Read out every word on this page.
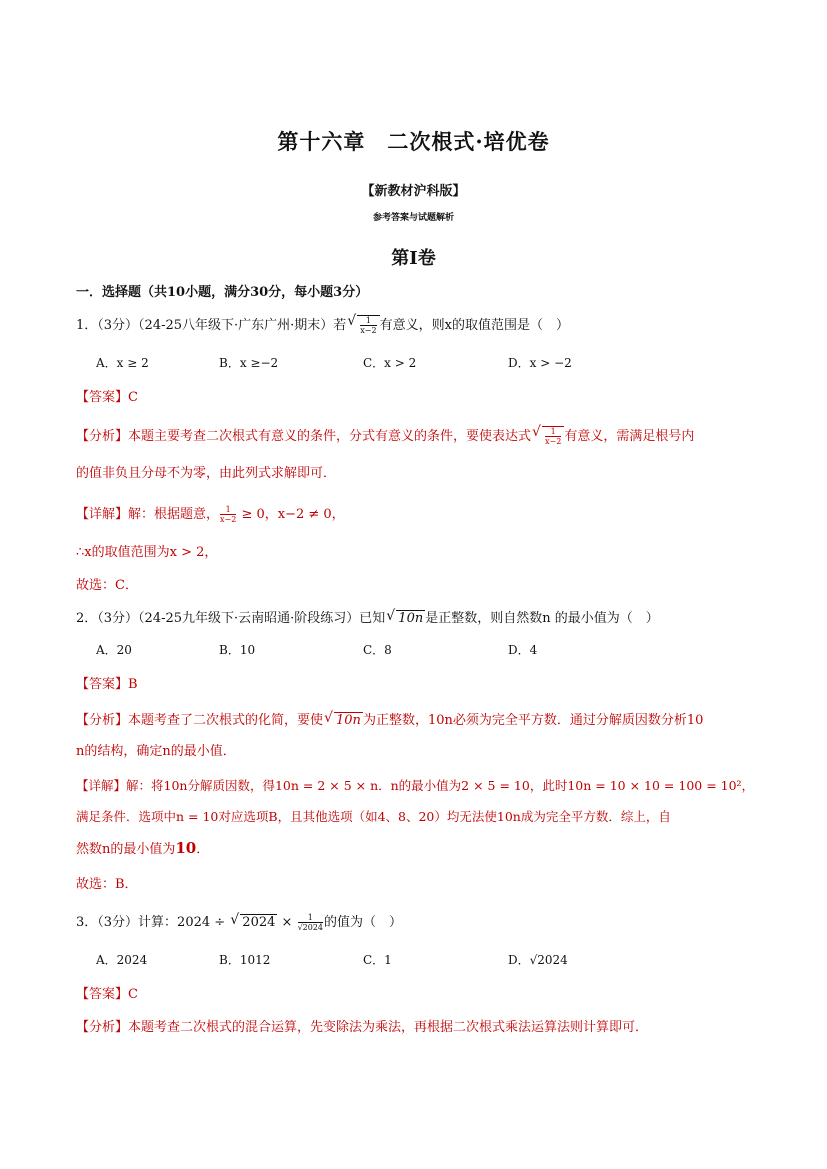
第十六章　二次根式·培优卷
【新教材沪科版】
参考答案与试题解析
第I卷
一．选择题（共10小题，满分30分，每小题3分）
1．（3分）（24-25八年级下·广东广州·期末）若 √ $\frac{1}{x-2}$ 有意义，则x的取值范围是（　）
A．x ≥ 2	B．x ≥−2	C．x > 2	D．x > −2
【答案】C
【分析】本题主要考查二次根式有意义的条件，分式有意义的条件，要使表达式 √ $\frac{1}{x-2}$ 有意义，需满足根号内
的值非负且分母不为零，由此列式求解即可．
【详解】解：根据题意， $\frac{1}{x-2} \ge 0$，x−2 ≠ 0，
∴x的取值范围为x > 2，
故选：C．
2．（3分）（24-25九年级下·云南昭通·阶段练习）已知 √ 10n 是正整数，则自然数n 的最小值为（　）
A．20	B．10	C．8	D．4
【答案】B
【分析】本题考查了二次根式的化简，要使 √ 10n 为正整数，10n必须为完全平方数．通过分解质因数分析10
n的结构，确定n的最小值．
【详解】解：将10n分解质因数，得10n = 2 × 5 × n．n的最小值为2 × 5 = 10，此时10n = 10 × 10 = 100 = 10²，
满足条件．选项中n = 10对应选项B，且其他选项（如4、8、20）均无法使10n成为完全平方数．综上，自
然数n的最小值为10．
故选：B．
3．（3分）计算：2024 ÷ √ $2024 \times \frac{1}{√2024}$ 的值为（　）
A．2024	B．1012	C．1	D．√2024
【答案】C
【分析】本题考查二次根式的混合运算，先变除法为乘法，再根据二次根式乘法运算法则计算即可．
